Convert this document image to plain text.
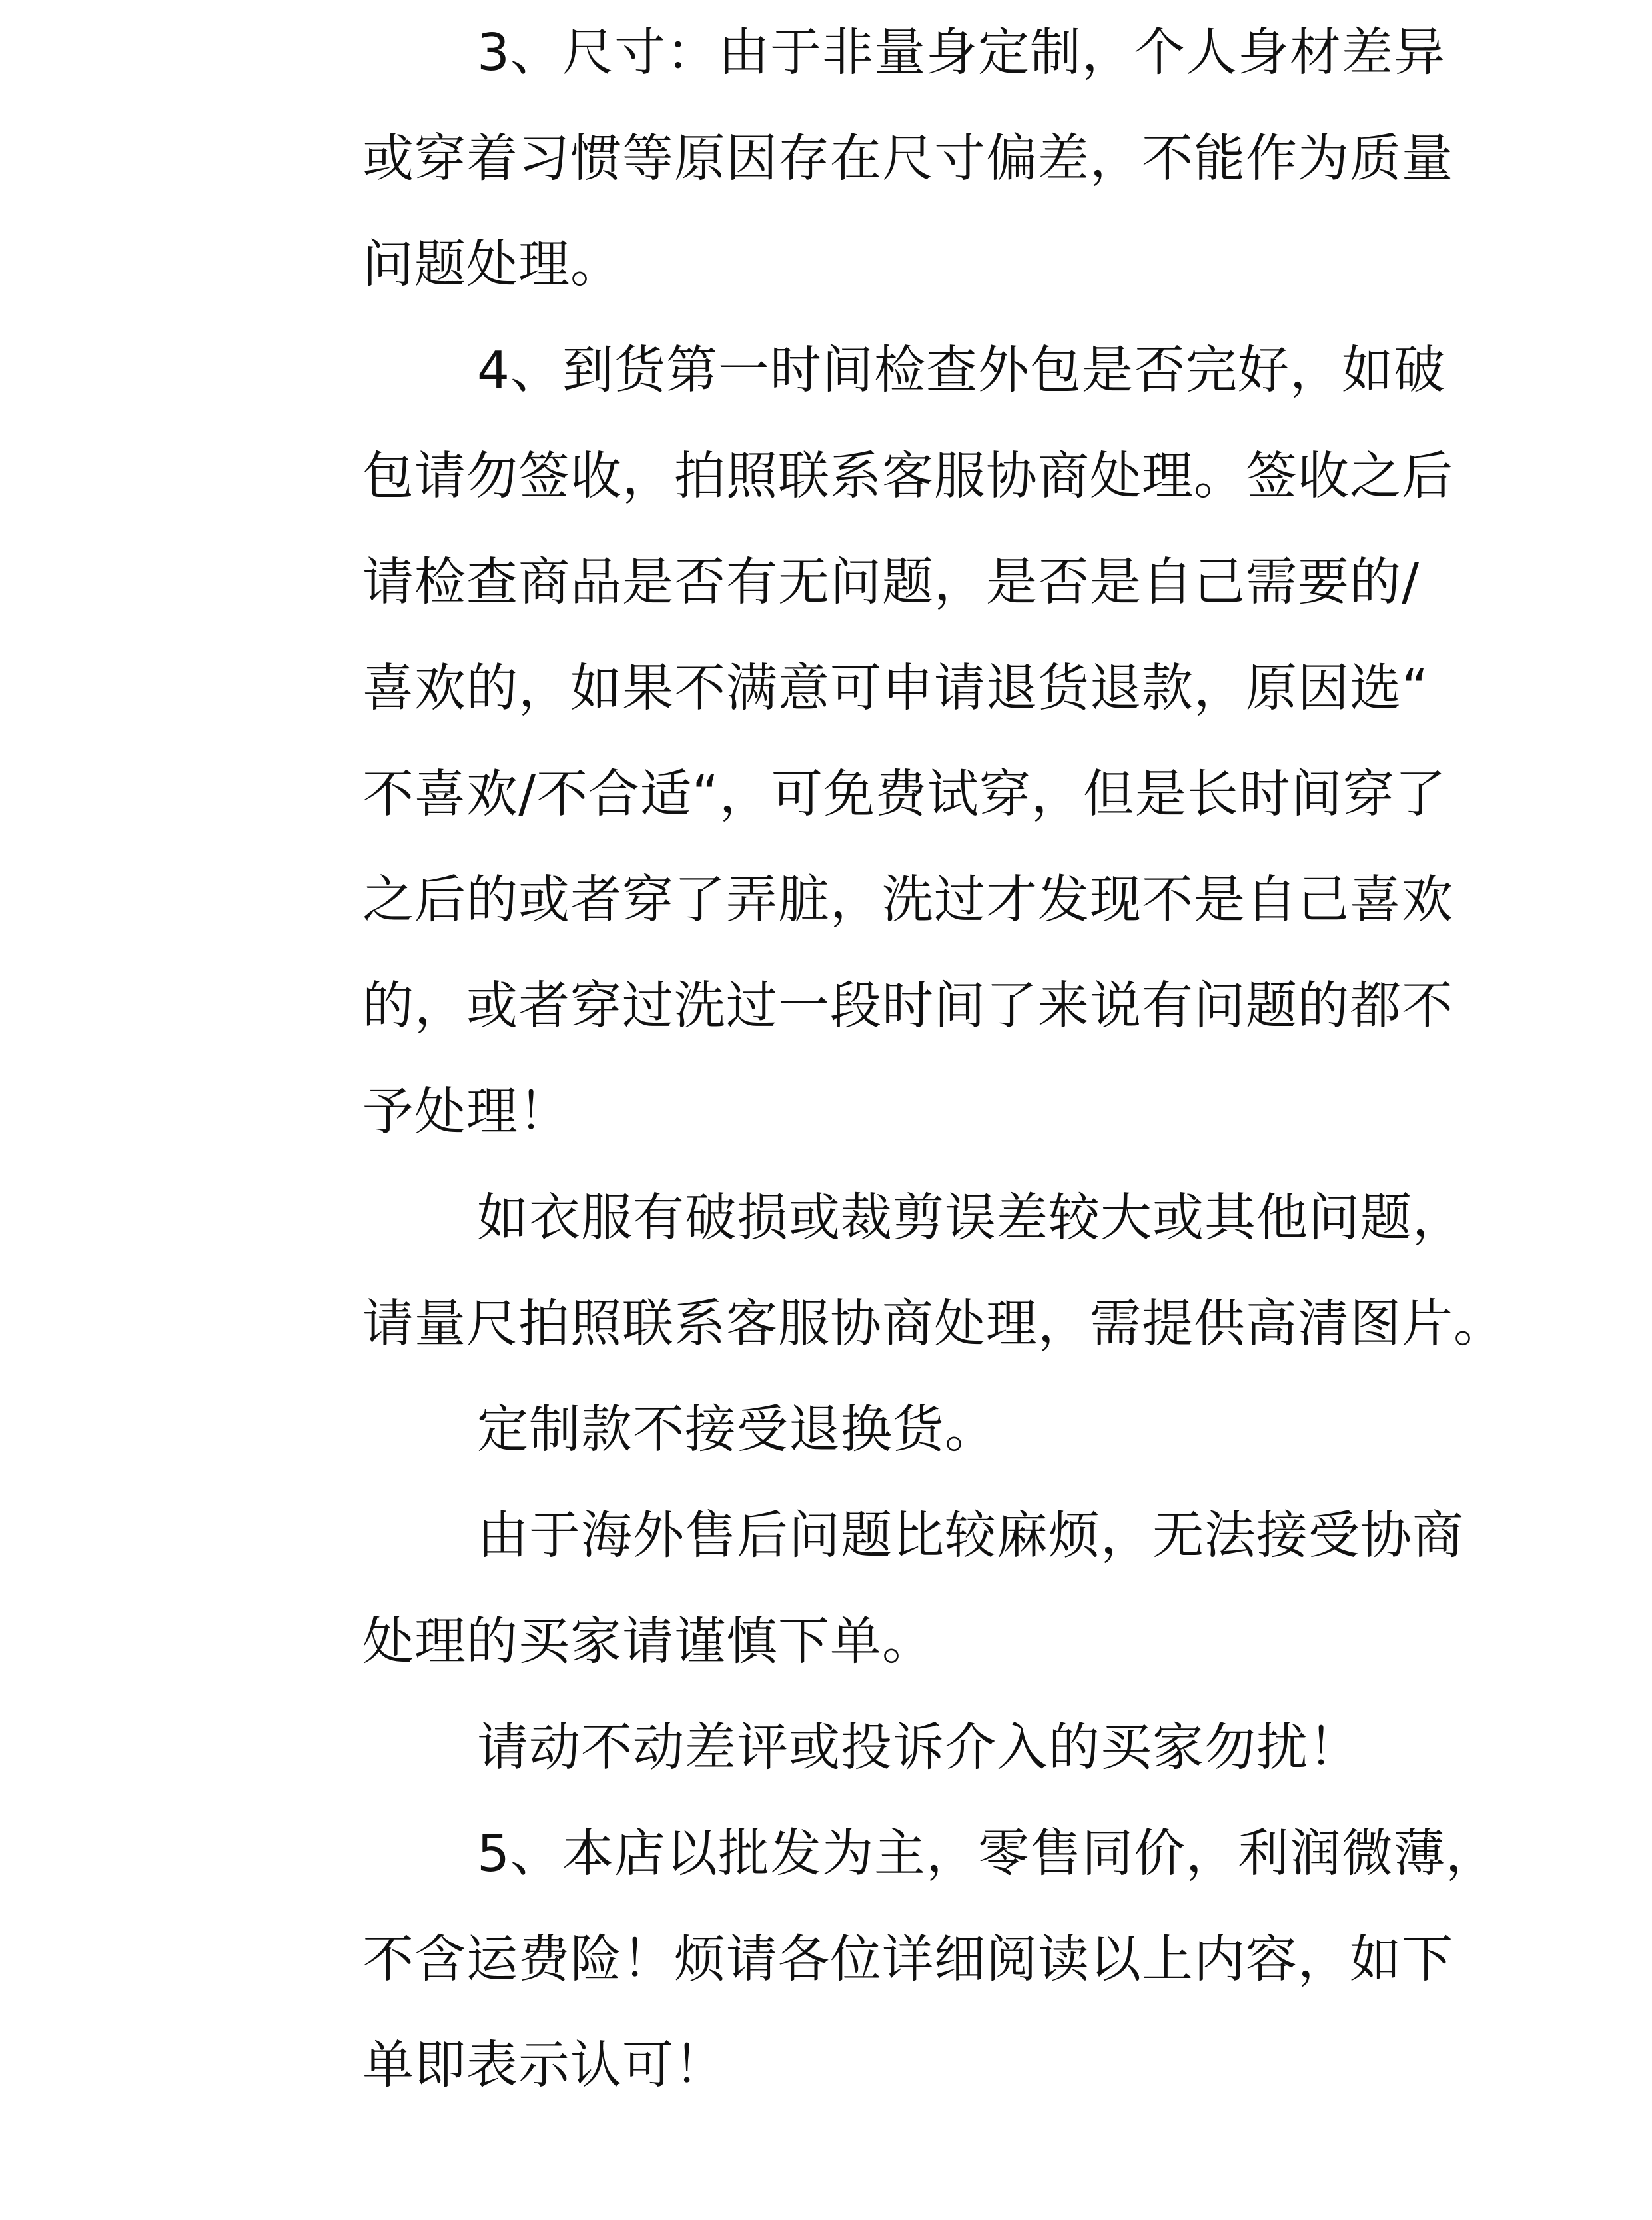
3、尺寸：由于非量身定制，个人身材差异
或穿着习惯等原因存在尺寸偏差，不能作为质量
问题处理。
4、到货第一时间检查外包是否完好，如破
包请勿签收，拍照联系客服协商处理。签收之后
请检查商品是否有无问题，是否是自己需要的/
喜欢的，如果不满意可申请退货退款，原因选“
不喜欢/不合适“，可免费试穿，但是长时间穿了
之后的或者穿了弄脏，洗过才发现不是自己喜欢
的，或者穿过洗过一段时间了来说有问题的都不
予处理！
如衣服有破损或裁剪误差较大或其他问题，
请量尺拍照联系客服协商处理，需提供高清图片。
定制款不接受退换货。
由于海外售后问题比较麻烦，无法接受协商
处理的买家请谨慎下单。
请动不动差评或投诉介入的买家勿扰！
5、本店以批发为主，零售同价，利润微薄，
不含运费险！烦请各位详细阅读以上内容，如下
单即表示认可！
